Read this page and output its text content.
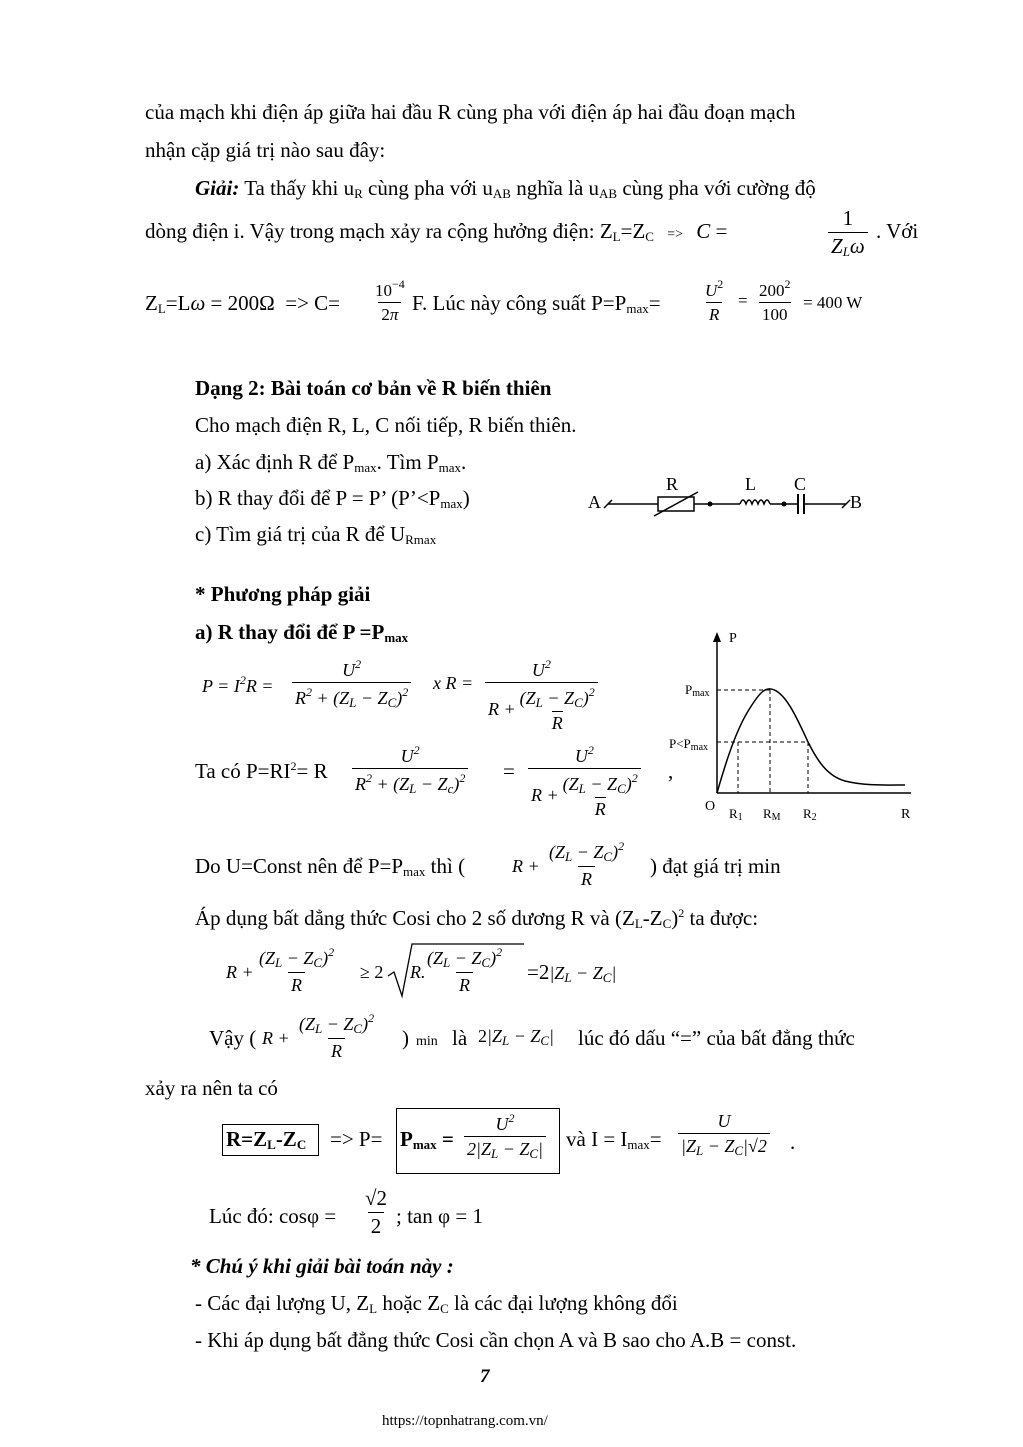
của mạch khi điện áp giữa hai đầu R cùng pha với điện áp hai đầu đoạn mạch
nhận cặp giá trị nào sau đây:
Giải: Ta thấy khi $u_R$ cùng pha với $u_{AB}$ nghĩa là $u_{AB}$ cùng pha với cường độ
dòng điện i. Vậy trong mạch xảy ra cộng hưởng điện: $Z_L=Z_C => C$ =
1
$Z_L\omega$
. Với
$Z_L=L\omega = 200\Omega => C=$
$10^{-4}$
2π F. Lúc này công suất $P=P_{max}=$
$U^2$
R
=
$200^2$
100
= 400 W
Dạng 2: Bài toán cơ bản về R biến thiên
Cho mạch điện R, L, C nối tiếp, R biến thiên.
a) Xác định R để $P_{max}$. Tìm $P_{max}$.
b) R thay đổi để P = P’ $(P’<P_{max})$
c) Tìm giá trị của R để $U_{Rmax}$
A	B
R	L C
* Phương pháp giải
a) R thay đổi để $P =P_{max}$
$P = I^2R$ =
$U^2$
$R^2 + (Z_L - Z_C)^2$ x R =
$U^2$
R +
$(Z_L - Z_C)^2$
R
Ta có $P=RI^2= R$
$U^2$
$R^2 + (Z_L - Z_c)^2$ =
$U^2$
R +
$(Z_L - Z_C)^2$
R
,
P
R
O
Pmax
P<Pmax
R1 RM R2
Do U=Const nên để $P=P_{max}$ thì (	R +
$(Z_L - Z_C)^2$
R
) đạt giá trị min
Áp dụng bất dẳng thức Cosi cho 2 số dương R và $(Z_L-Z_C)^2$ ta được:
R +
$(Z_L - Z_C)^2$
R
≥ 2 R.
$(Z_L - Z_C)^2$
R
$=2|Z_L - Z_C|$
Vậy ( R +
$(Z_L - Z_C)^2$
R
) min là $2|Z_L - Z_C|$ lúc đó dấu “=” của bất đẳng thức
xảy ra nên ta có
$R=Z_L-Z_C => P= P_{max}$ =
$U^2$
$2|Z_L - Z_C|$ và $I = I_{max}=$
U
$|Z_L - Z_C|√2$ .
Lúc đó: cosφ =
√2
2 ; tan φ = 1
* Chú ý khi giải bài toán này :
- Các đại lượng U, $Z_L$ hoặc $Z_C$ là các đại lượng không đổi
- Khi áp dụng bất đẳng thức Cosi cần chọn A và B sao cho A.B = const.
7
https://topnhatrang.com.vn/
